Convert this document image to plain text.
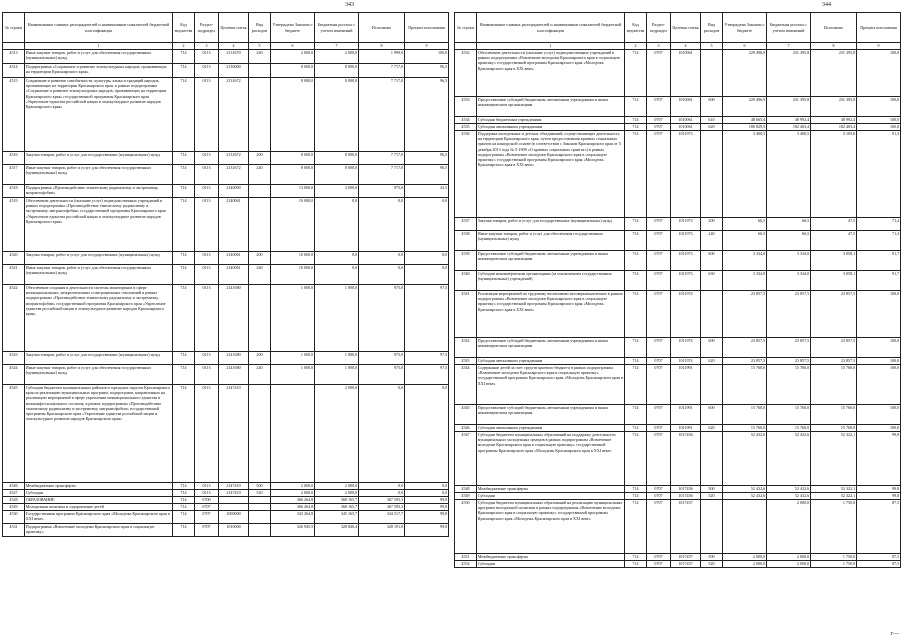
343	344
№ строки	Наименование главных распорядителей и наименование показателей бюджетной классификации	Код ведомства	Раздел-подраздел	Целевая статья	Вид расходов	Утверждено Законом о бюджете	Бюджетная роспись с учетом изменений	Исполнено	Процент исполнения
	1	2	3	4	5	6	7	8	9
4513	Иные закупки товаров, работ и услуг для обеспечения государственных (муниципальных) нужд	714	0113	2131670	240	2 000,0	2 000,0	1 999,0	100,0
4514	Подпрограмма «Сохранение и развитие этнокультурных народов, проживающих на территории Красноярского края»	714	0113	2130000		8 000,0	8 000,0	7 717,0	96,5
4515	Сохранение и развитие самобытности, культуры, языка и традиций народов, проживающих на территории Красноярского края, в рамках подпрограммы «Сохранение и развитие этнокультурных народов, проживающих на территории Красноярского края» государственной программы Красноярского края «Укрепление единства российской нации и этнокультурное развитие народов Красноярского края»	714	0113	2131672		8 000,0	8 000,0	7 717,0	96,5
4516	Закупка товаров, работ и услуг для государственных (муниципальных) нужд	714	0113	2131672	200	8 000,0	8 000,0	7 717,0	96,5
4517	Иные закупки товаров, работ и услуг для обеспечения государственных (муниципальных) нужд	714	0113	2131672	240	8 000,0	8 000,0	7 717,0	96,5
4518	Подпрограмма «Противодействие этническому радикализму и экстремизму, мигрантофобии»	714	0113	2140000		13 000,0	3 000,0	975,0	32,5
4519	Обеспечение деятельности (оказание услуг) подведомственных учреждений в рамках подпрограммы «Противодействие этническому радикализму и экстремизму, мигрантофобии» государственной программы Красноярского края «Укрепление единства российской нации и этнокультурное развитие народов Красноярского края»	714	0113	2140061		10 000,0	0,0	0,0	0,0
4520	Закупка товаров, работ и услуг для государственных (муниципальных) нужд	714	0113	2140061	200	10 000,0	0,0	0,0	0,0
4521	Иные закупки товаров, работ и услуг для обеспечения государственных (муниципальных) нужд	714	0113	2140061	240	10 000,0	0,0	0,0	0,0
4522	Обеспечение создания и деятельности системы мониторинга в сфере межнациональных, межрелигиозных и миграционных отношений в рамках подпрограммы «Противодействие этническому радикализму и экстремизму, мигрантофобии» государственной программы Красноярского края «Укрепление единства российской нации и этнокультурное развитие народов Красноярского края»	714	0113	2141680		1 000,0	1 000,0	975,0	97,5
4523	Закупка товаров, работ и услуг для государственных (муниципальных) нужд	714	0113	2141680	200	1 000,0	1 000,0	975,0	97,5
4524	Иные закупки товаров, работ и услуг для обеспечения государственных (муниципальных) нужд	714	0113	2141680	240	1 000,0	1 000,0	975,0	97,5
4525	Субсидии бюджетам муниципальных районов и городских округов Красноярского края на реализацию муниципальных программ, подпрограмм, направленных на реализацию мероприятий в сфере укрепления межнационального единства и межконфессионального согласия, в рамках подпрограммы «Противодействие этническому радикализму и экстремизму, мигрантофобии» государственной программы Красноярского края «Укрепление единства российской нации и этнокультурное развитие народов Красноярского края»	714	0113	2147410			2 000,0	0,0	0,0
4526	Межбюджетные трансферты	714	0113	2147410	500	2 000,0	2 000,0	0,0	0,0
4527	Субсидии	714	0113	2147410	520	2 000,0	2 000,0	0,0	0,0
4528	ОБРАЗОВАНИЕ	714	0700			366 264,8	368 165,7	367 595,3	99,8
4529	Молодежная политика и оздоровление детей	714	0707			366 264,8	368 165,7	367 595,3	99,8
4530	Государственная программа Красноярского края «Молодежь Красноярского края в XXI веке»	714	0707	1000000		343 264,8	345 165,7	344 517,7	99,8
4531	Подпрограмма «Вовлечение молодежи Красноярского края в социальную практику»	714	0707	1010000		326 945,5	328 846,4	328 191,0	99,8
№ строки	Наименование главных распорядителей и наименование показателей бюджетной классификации	Код ведомства	Раздел-подраздел	Целевая статья	Вид расходов	Утверждено Законом о бюджете	Бюджетная роспись с учетом изменений	Исполнено	Процент исполнения
	1	2	3	4	5	6	7	8	9
4532	Обеспечение деятельности (оказание услуг) подведомственных учреждений в рамках подпрограммы «Вовлечение молодежи Красноярского края в социальную практику» государственной программы Красноярского края «Молодежь Красноярского края в XXI веке»	714	0707	1010061		229 496,9	231 395,8	231 395,8	100,0
4533	Предоставление субсидий бюджетным, автономным учреждениям и иным некоммерческим организациям	714	0707	1010061	600	229 496,9	231 395,8	231 395,8	100,0
4534	Субсидии бюджетным учреждениям	714	0707	1010061	610	48 665,4	48 992,4	48 992,4	100,0
4535	Субсидии автономным учреждениям	714	0707	1010061	620	180 829,5	182 403,4	182 403,4	100,0
4536	Поддержка молодежных и детских объединений, осуществляющих деятельность на территории Красноярского края, путем предоставления краевых социальных грантов на конкурсной основе (в соответствии с Законом Красноярского края от 5 декабря 2013 года № 5-1908 «О краевых социальных грантах») в рамках подпрограммы «Вовлечение молодежи Красноярского края в социальную практику» государственной программы Красноярского края «Молодежь Красноярского края в XXI веке»	714	0707	1011973		3 400,5	3 400,5	3 105,6	91,3
4537	Закупка товаров, работ и услуг для государственных (муниципальных) нужд	714	0707	1011973	200	66,5	66,5	47,5	71,4
4538	Иные закупки товаров, работ и услуг для обеспечения государственных (муниципальных) нужд	714	0707	1011973	240	66,5	66,5	47,5	71,4
4539	Предоставление субсидий бюджетным, автономным учреждениям и иным некоммерческим организациям	714	0707	1011973	600	3 334,0	3 334,0	3 058,1	91,7
4540	Субсидии некоммерческим организациям (за исключением государственных (муниципальных) учреждений)	714	0707	1011973	630	3 334,0	3 334,0	3 058,1	91,7
4541	Реализация мероприятий по трудовому воспитанию несовершеннолетних в рамках подпрограммы «Вовлечение молодежи Красноярского края в социальную практику» государственной программы Красноярского края «Молодежь Красноярского края в XXI веке»	714	0707	1011974		23 857,5	23 857,5	23 857,5	100,0
4542	Предоставление субсидий бюджетным, автономным учреждениям и иным некоммерческим организациям	714	0707	1011974	600	23 857,5	23 857,5	23 857,5	100,0
4543	Субсидии автономным учреждениям	714	0707	1011974	620	23 857,5	23 857,5	23 857,5	100,0
4544	Содержание детей за счет средств краевого бюджета в рамках подпрограммы «Вовлечение молодежи Красноярского края в социальную практику» государственной программы Красноярского края «Молодежь Красноярского края в XXI веке»	714	0707	1011991		15 760,0	15 760,0	15 760,0	100,0
4545	Предоставление субсидий бюджетным, автономным учреждениям и иным некоммерческим организациям	714	0707	1011991	600	15 760,0	15 760,0	15 760,0	100,0
4546	Субсидии автономным учреждениям	714	0707	1011991	620	15 760,0	15 760,0	15 760,0	100,0
4547	Субсидии бюджетам муниципальных образований на поддержку деятельности муниципальных молодежных центров в рамках подпрограммы «Вовлечение молодежи Красноярского края в социальную практику» государственной программы Красноярского края «Молодежь Красноярского края в XXI веке»	714	0707	1017456		52 432,6	52 432,6	52 322,1	99,8
4548	Межбюджетные трансферты	714	0707	1017456	500	52 432,6	52 432,6	52 322,1	99,8
4549	Субсидии	714	0707	1017456	520	52 432,6	52 432,6	52 322,1	99,8
4550	Субсидии бюджетам муниципальных образований на реализацию муниципальных программ молодежной политики в рамках подпрограммы «Вовлечение молодежи Красноярского края в социальную практику» государственной программы Красноярского края «Молодежь Красноярского края в XXI веке»	714	0707	1017457			2 000,0	1 750,0	87,5
4551	Межбюджетные трансферты	714	0707	1017457	500	2 000,0	2 000,0	1 750,0	87,5
4552	Субсидии	714	0707	1017457	520	2 000,0	2 000,0	1 750,0	87,5
г—
